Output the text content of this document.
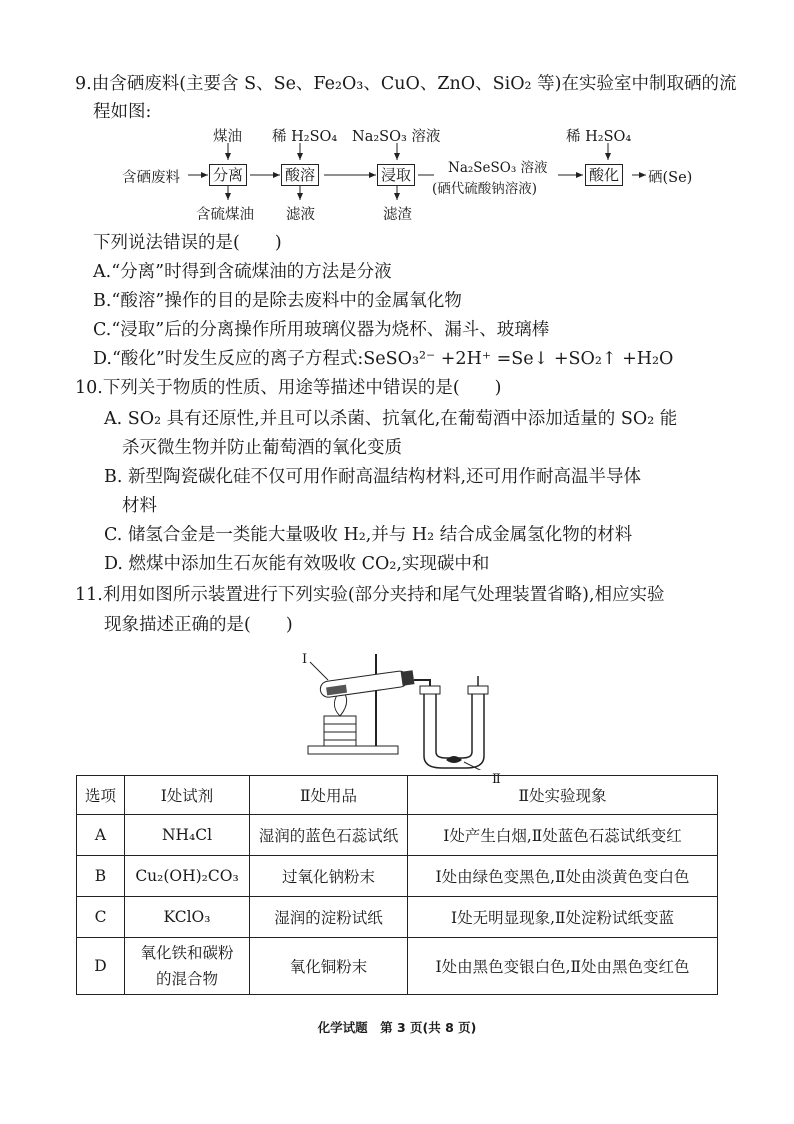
9.由含硒废料(主要含 S、Se、Fe₂O₃、CuO、ZnO、SiO₂ 等)在实验室中制取硒的流
程如图:
煤油 稀 H₂SO₄ Na₂SO₃ 溶液	稀 H₂SO₄
含硒废料 分离	酸溶	浸取	Na₂SeSO₃ 溶液
(硒代硫酸钠溶液)
酸化 硒(Se)
含硫煤油 滤液	滤渣
下列说法错误的是(　　)
A.“分离”时得到含硫煤油的方法是分液
B.“酸溶”操作的目的是除去废料中的金属氧化物
C.“浸取”后的分离操作所用玻璃仪器为烧杯、漏斗、玻璃棒
D.“酸化”时发生反应的离子方程式:SeSO₃²⁻ +2H⁺ =Se↓ +SO₂↑ +H₂O
10.下列关于物质的性质、用途等描述中错误的是(　　)
A. SO₂ 具有还原性,并且可以杀菌、抗氧化,在葡萄酒中添加适量的 SO₂ 能
杀灭微生物并防止葡萄酒的氧化变质
B. 新型陶瓷碳化硅不仅可用作耐高温结构材料,还可用作耐高温半导体
材料
C. 储氢合金是一类能大量吸收 H₂,并与 H₂ 结合成金属氢化物的材料
D. 燃煤中添加生石灰能有效吸收 CO₂,实现碳中和
11.利用如图所示装置进行下列实验(部分夹持和尾气处理装置省略),相应实验
现象描述正确的是(　　)
Ⅰ
Ⅱ
选项	Ⅰ处试剂	Ⅱ处用品	Ⅱ处实验现象
A	NH₄Cl	湿润的蓝色石蕊试纸	Ⅰ处产生白烟,Ⅱ处蓝色石蕊试纸变红
B	Cu₂(OH)₂CO₃	过氧化钠粉末	Ⅰ处由绿色变黑色,Ⅱ处由淡黄色变白色
C	KClO₃	湿润的淀粉试纸	Ⅰ处无明显现象,Ⅱ处淀粉试纸变蓝
D	氧化铁和碳粉的混合物	氧化铜粉末	Ⅰ处由黑色变银白色,Ⅱ处由黑色变红色
化学试题　第 3 页(共 8 页)
